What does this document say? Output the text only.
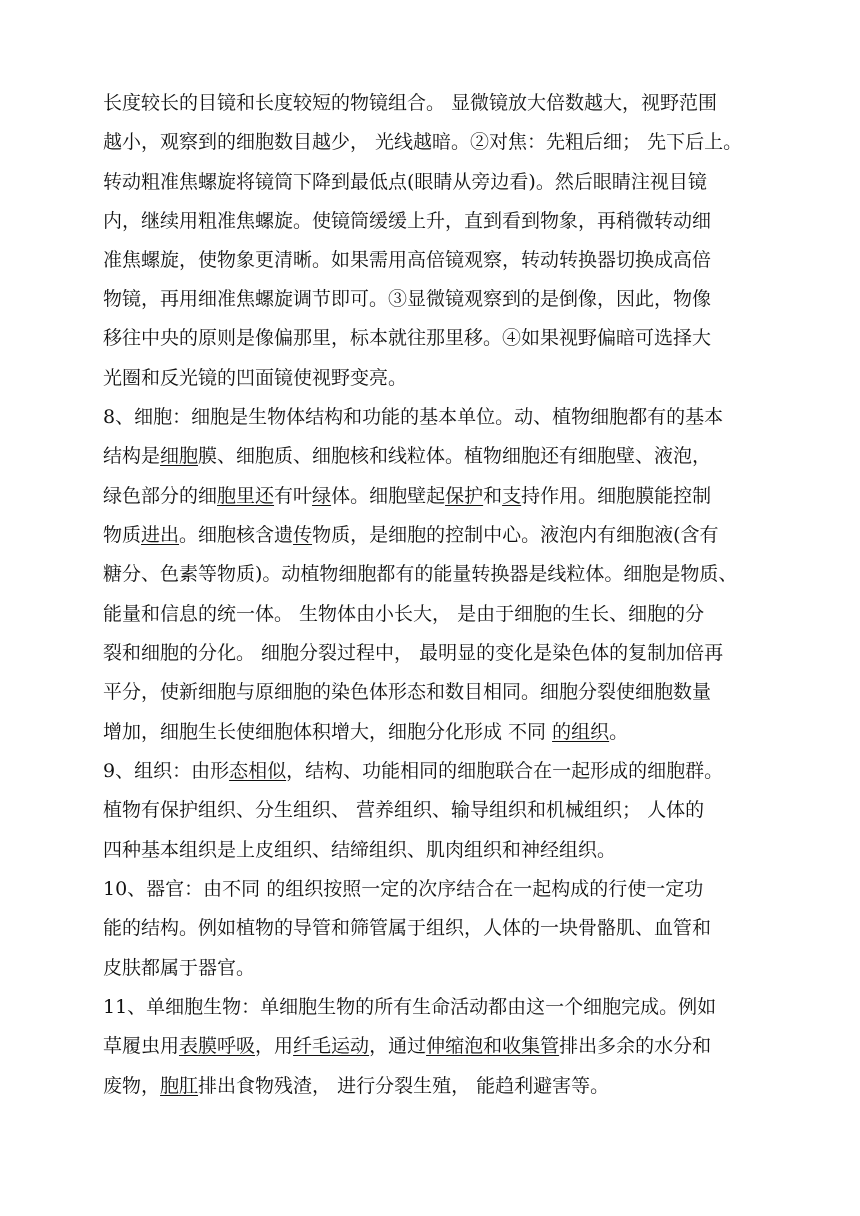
长度较长的目镜和长度较短的物镜组合。 显微镜放大倍数越大，视野范围
越小，观察到的细胞数目越少， 光线越暗。②对焦：先粗后细； 先下后上。
转动粗准焦螺旋将镜筒下降到最低点(眼睛从旁边看)。然后眼睛注视目镜
内，继续用粗准焦螺旋。使镜筒缓缓上升，直到看到物象，再稍微转动细
准焦螺旋，使物象更清晰。如果需用高倍镜观察，转动转换器切换成高倍
物镜，再用细准焦螺旋调节即可。③显微镜观察到的是倒像，因此，物像
移往中央的原则是像偏那里，标本就往那里移。④如果视野偏暗可选择大
光圈和反光镜的凹面镜使视野变亮。
8、细胞：细胞是生物体结构和功能的基本单位。动、植物细胞都有的基本
结构是细胞膜、细胞质、细胞核和线粒体。植物细胞还有细胞壁、液泡，
绿色部分的细胞里还有叶绿体。细胞壁起保护和支持作用。细胞膜能控制
物质进出。细胞核含遗传物质，是细胞的控制中心。液泡内有细胞液(含有
糖分、色素等物质)。动植物细胞都有的能量转换器是线粒体。细胞是物质、
能量和信息的统一体。 生物体由小长大， 是由于细胞的生长、细胞的分
裂和细胞的分化。 细胞分裂过程中， 最明显的变化是染色体的复制加倍再
平分，使新细胞与原细胞的染色体形态和数目相同。细胞分裂使细胞数量
增加，细胞生长使细胞体积增大，细胞分化形成 不同 的组织。
9、组织：由形态相似，结构、功能相同的细胞联合在一起形成的细胞群。
植物有保护组织、分生组织、 营养组织、输导组织和机械组织； 人体的
四种基本组织是上皮组织、结缔组织、肌肉组织和神经组织。
10、器官：由不同 的组织按照一定的次序结合在一起构成的行使一定功
能的结构。例如植物的导管和筛管属于组织，人体的一块骨骼肌、血管和
皮肤都属于器官。
11、单细胞生物：单细胞生物的所有生命活动都由这一个细胞完成。例如
草履虫用表膜呼吸，用纤毛运动，通过伸缩泡和收集管排出多余的水分和
废物，胞肛排出食物残渣， 进行分裂生殖， 能趋利避害等。
